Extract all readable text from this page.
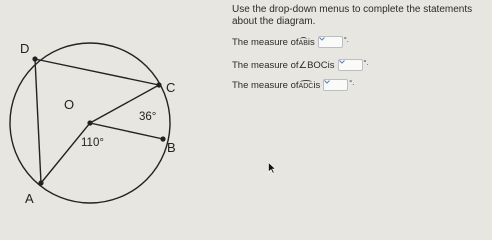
D
C
B
A
O
36°
110°

Use the drop-down menus to complete the statements
about the diagram.

The measure of AB is	°.
The measure of ∠BOC is	°.
The measure of ADC is	°.
